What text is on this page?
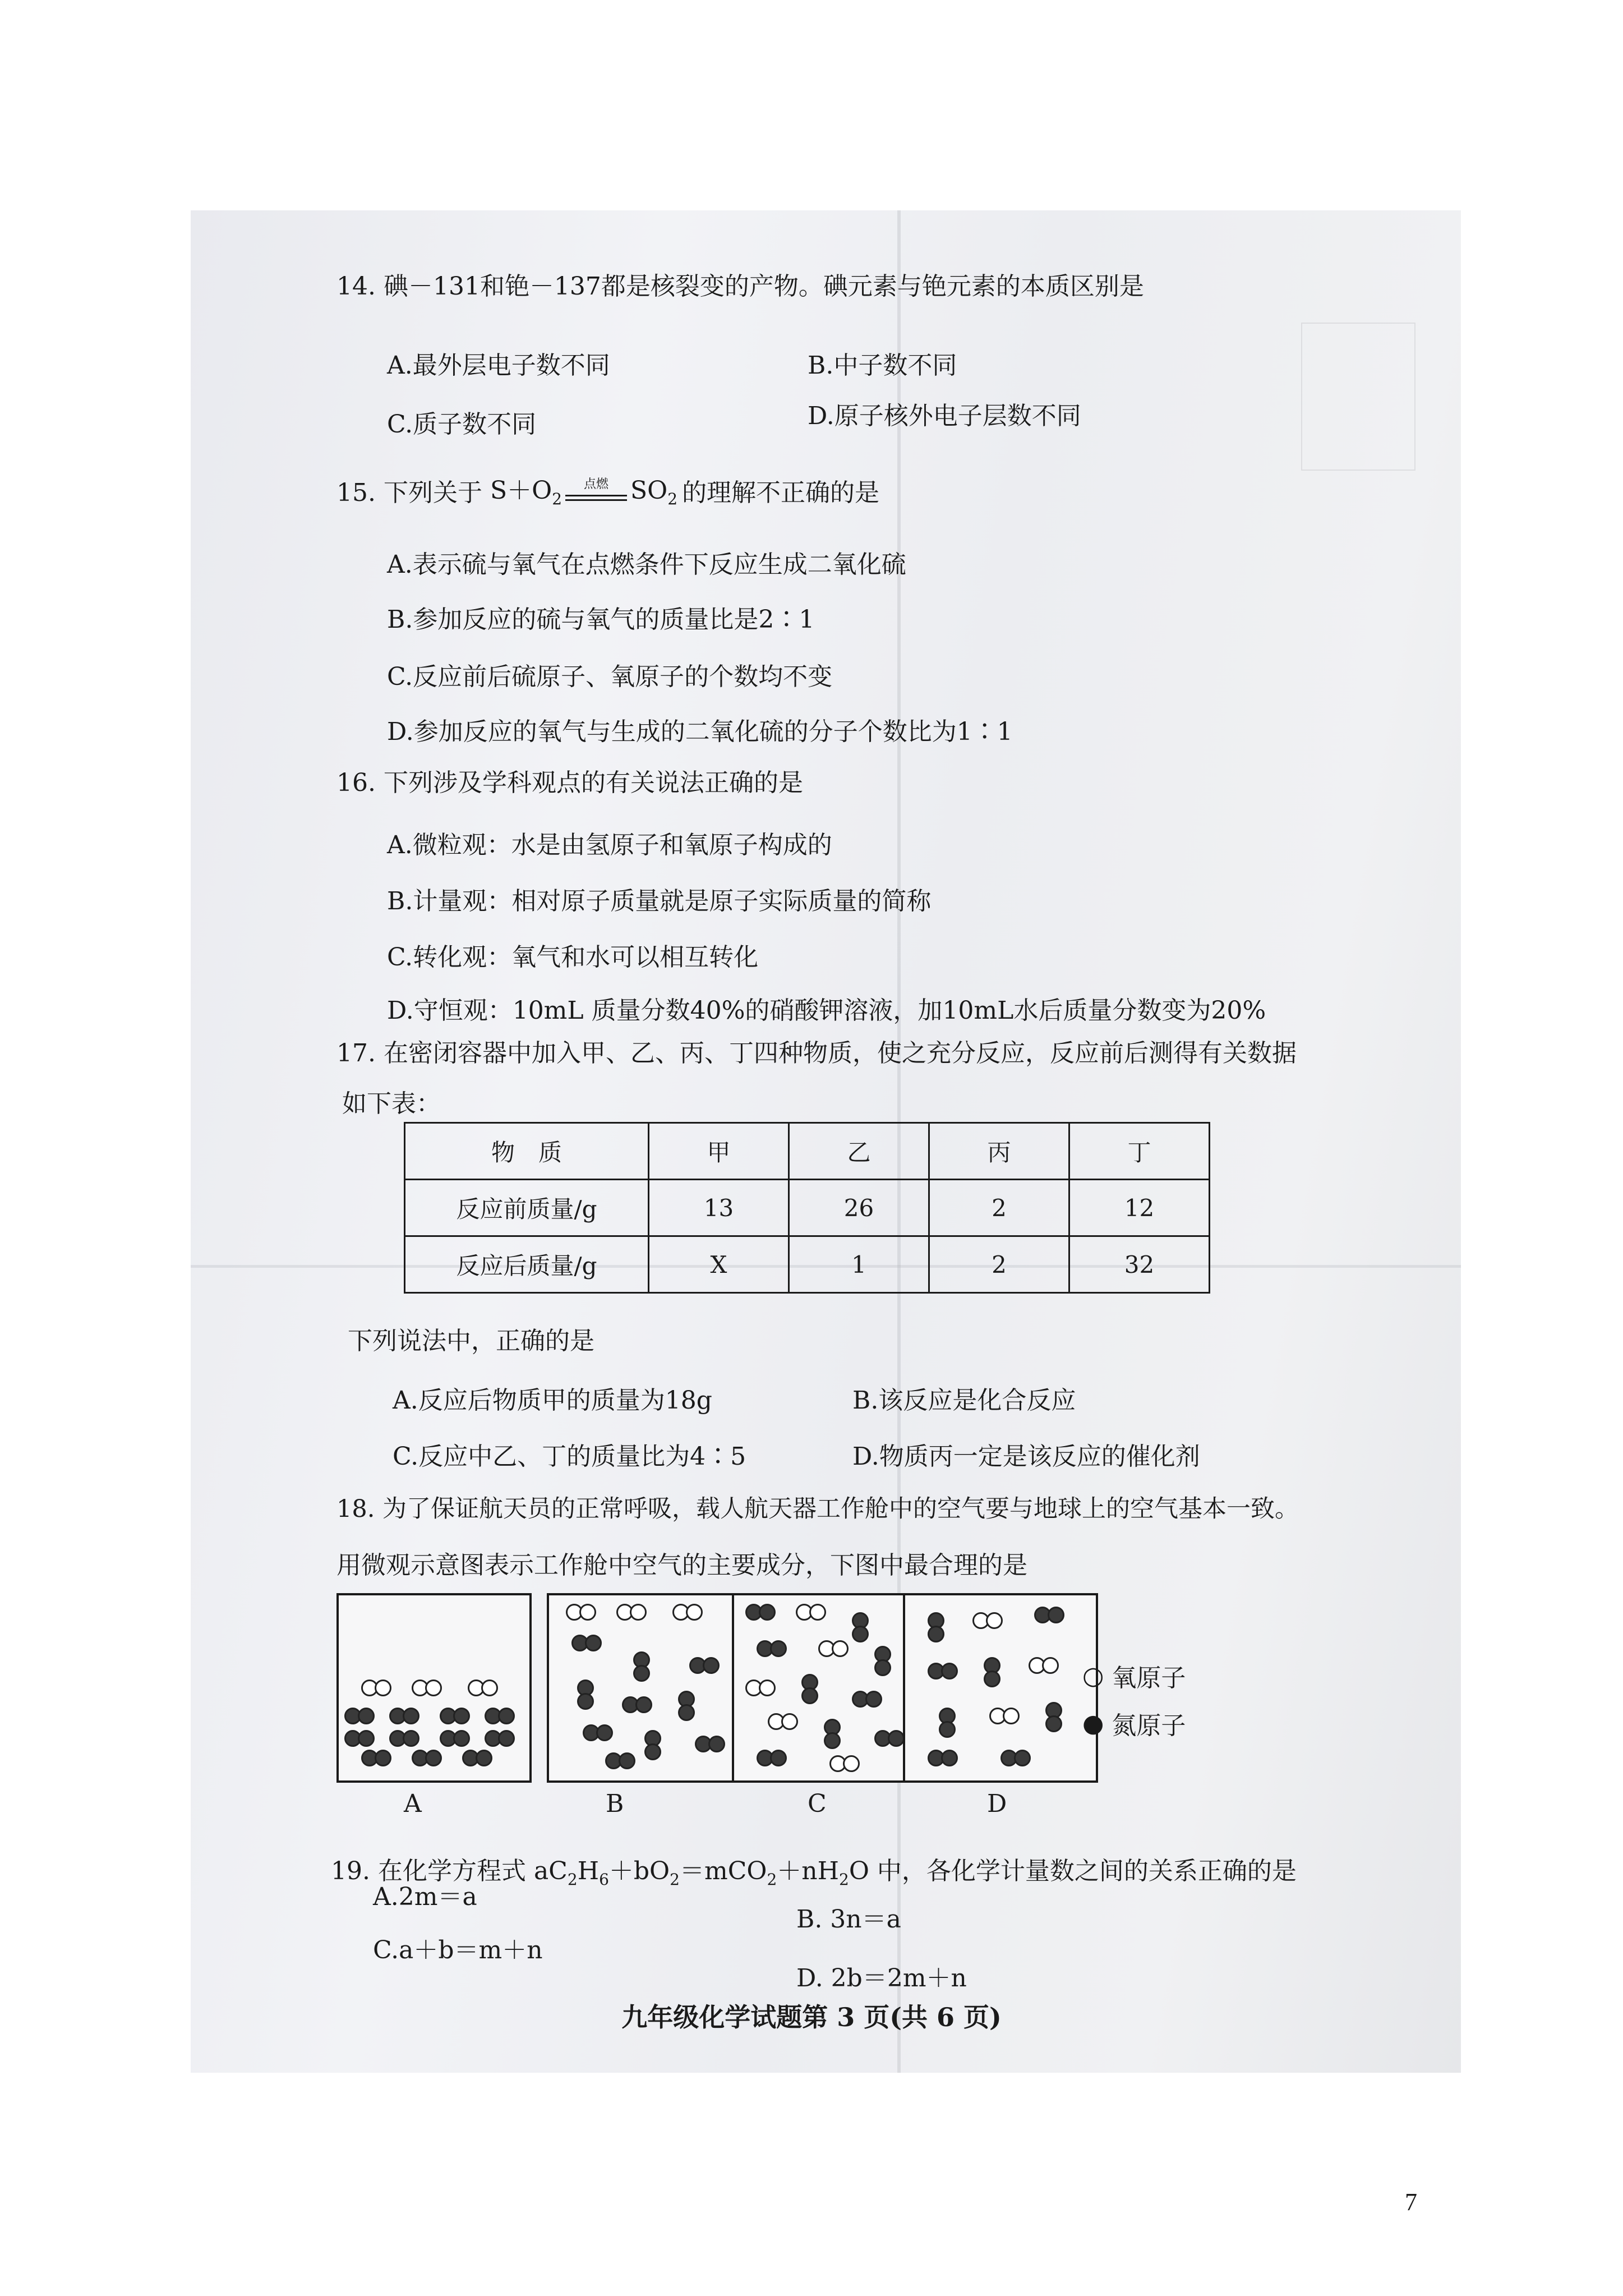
14. 碘－131和铯－137都是核裂变的产物。碘元素与铯元素的本质区别是
A.最外层电子数不同	B.中子数不同
C.质子数不同	D.原子核外电子层数不同
15. 下列关于 $S+O_2$
点燃 $SO_2$ 的理解不正确的是
A.表示硫与氧气在点燃条件下反应生成二氧化硫
B.参加反应的硫与氧气的质量比是2∶1
C.反应前后硫原子、氧原子的个数均不变
D.参加反应的氧气与生成的二氧化硫的分子个数比为1∶1
16. 下列涉及学科观点的有关说法正确的是
A.微粒观：水是由氢原子和氧原子构成的
B.计量观：相对原子质量就是原子实际质量的简称
C.转化观：氧气和水可以相互转化
D.守恒观：10mL 质量分数40%的硝酸钾溶液，加10mL水后质量分数变为20%
17. 在密闭容器中加入甲、乙、丙、丁四种物质，使之充分反应，反应前后测得有关数据
如下表：
物　质	甲	乙	丙	丁
反应前质量/g	13	26	2	12
反应后质量/g	X	1	2	32
下列说法中，正确的是
A.反应后物质甲的质量为18g	B.该反应是化合反应
C.反应中乙、丁的质量比为4∶5	D.物质丙一定是该反应的催化剂
18. 为了保证航天员的正常呼吸，载人航天器工作舱中的空气要与地球上的空气基本一致。
用微观示意图表示工作舱中空气的主要成分，下图中最合理的是
A	B	C	D
○ 氧原子
● 氮原子
19. 在化学方程式 $aC_2H_6+bO_2=mCO_2+nH_2O$ 中，各化学计量数之间的关系正确的是
A.2m＝a
B. 3n＝a
C.a＋b＝m＋n
D. 2b＝2m＋n
九年级化学试题第 3 页(共 6 页)
7
